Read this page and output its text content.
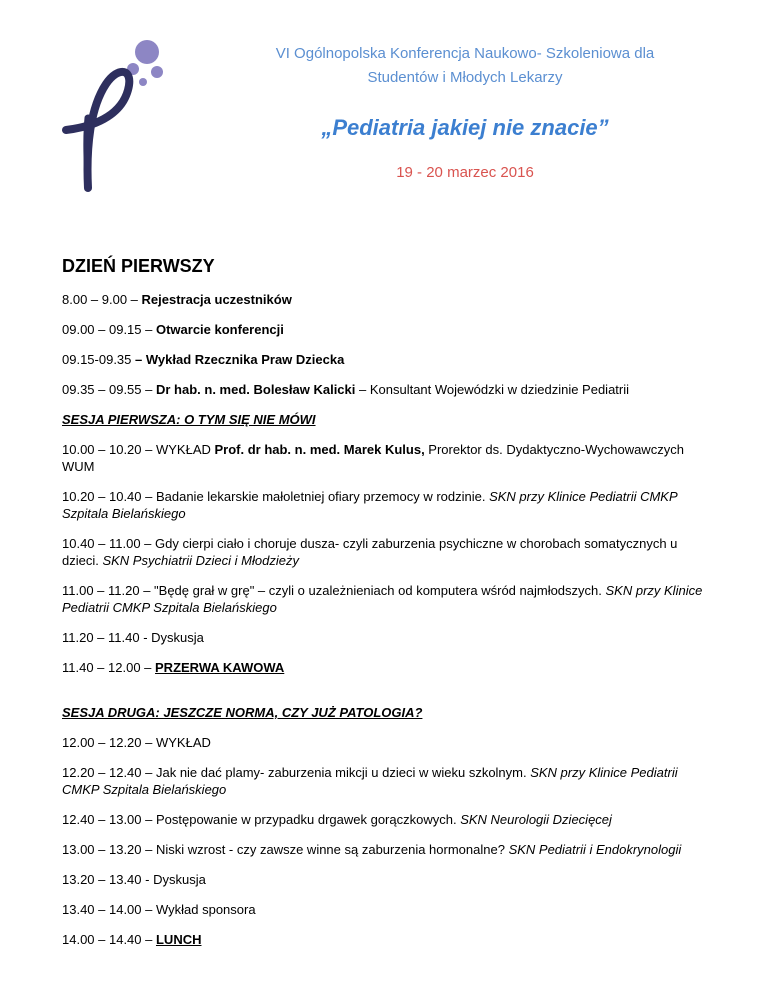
VI Ogólnopolska Konferencja Naukowo- Szkoleniowa dla
Studentów i Młodych Lekarzy
„Pediatria jakiej nie znacie”
19 - 20 marzec 2016
DZIEŃ PIERWSZY

8.00 – 9.00 – Rejestracja uczestników

09.00 – 09.15 – Otwarcie konferencji

09.15-09.35 – Wykład Rzecznika Praw Dziecka

09.35 – 09.55 – Dr hab. n. med. Bolesław Kalicki – Konsultant Wojewódzki w dziedzinie Pediatrii

SESJA PIERWSZA: O TYM SIĘ NIE MÓWI

10.00 – 10.20 – WYKŁAD Prof. dr hab. n. med. Marek Kulus, Prorektor ds. Dydaktyczno-Wychowawczych WUM

10.20 – 10.40 – Badanie lekarskie małoletniej ofiary przemocy w rodzinie. SKN przy Klinice Pediatrii CMKP Szpitala Bielańskiego

10.40 – 11.00 – Gdy cierpi ciało i choruje dusza- czyli zaburzenia psychiczne w chorobach somatycznych u dzieci. SKN Psychiatrii Dzieci i Młodzieży

11.00 – 11.20 – "Będę grał w grę" – czyli o uzależnieniach od komputera wśród najmłodszych. SKN przy Klinice Pediatrii CMKP Szpitala Bielańskiego

11.20 – 11.40 - Dyskusja

11.40 – 12.00 – PRZERWA KAWOWA

SESJA DRUGA: JESZCZE NORMA, CZY JUŻ PATOLOGIA?

12.00 – 12.20 – WYKŁAD

12.20 – 12.40 – Jak nie dać plamy- zaburzenia mikcji u dzieci w wieku szkolnym. SKN przy Klinice Pediatrii CMKP Szpitala Bielańskiego

12.40 – 13.00 – Postępowanie w przypadku drgawek gorączkowych. SKN Neurologii Dziecięcej

13.00 – 13.20 – Niski wzrost - czy zawsze winne są zaburzenia hormonalne? SKN Pediatrii i Endokrynologii

13.20 – 13.40 - Dyskusja

13.40 – 14.00 – Wykład sponsora

14.00 – 14.40 – LUNCH
